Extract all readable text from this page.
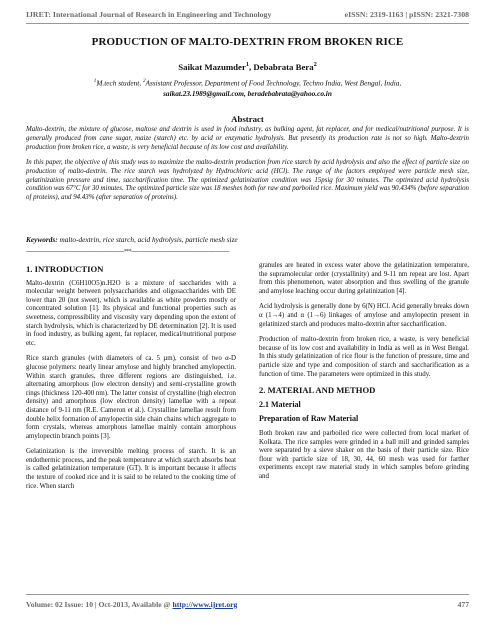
IJRET: International Journal of Research in Engineering and Technology	eISSN: 2319-1163 | pISSN: 2321-7308
PRODUCTION OF MALTO-DEXTRIN FROM BROKEN RICE
Saikat Mazumder$^1$, Debabrata Bera$^2$
$^1$M.tech student, $^2$Assistant Professor, Department of Food Technology, Techno India, West Bengal, India,
saikat.23.1989@gmail.com, beradebabrata@yahoo.co.in
Abstract

Malto-dextrin, the mixture of glucose, maltose and dextrin is used in food industry, as bulking agent, fat replacer, and for medical/nutritional purpose. It is generally produced from cane sugar, maize (starch) etc. by acid or enzymatic hydrolysis. But presently its production rate is not so high. Malto-dextrin production from broken rice, a waste, is very beneficial because of its low cost and availability.

In this paper, the objective of this study was to maximize the malto-dextrin production from rice starch by acid hydrolysis and also the effect of particle size on production of malto-dextrin. The rice starch was hydrolyzed by Hydrochloric acid (HCl). The range of the factors employed were particle mesh size, gelatinization pressure and time, saccharification time. The optimized gelatinization condition was 15psig for 30 minutes. The optimized acid hydrolysis condition was 67°C for 30 minutes. The optimized particle size was 18 meshes both for raw and parboiled rice. Maximum yield was 90.434% (before separation of proteins), and 94.43% (after separation of proteins).

Keywords: malto-dextrin, rice starch, acid hydrolysis, particle mesh size
----------------------------------------------------------------------***----------------------------------------------------------------------
1. INTRODUCTION

Malto-dextrin (C6H10O5)n.H2O is a mixture of saccharides with a molecular weight between polysaccharides and oligosaccharides with DE lower than 20 (not sweet), which is available as white powders mostly or concentrated solution [1]. Its physical and functional properties such as sweetness, compressibility and viscosity vary depending upon the extent of starch hydrolysis, which is characterized by DE determination [2]. It is used in food industry, as bulking agent, fat replacer, medical/nutritional purpose etc.

Rice starch granules (with diameters of ca. 5 µm), consist of two α-D glucose polymers: nearly linear amylose and highly branched amylopectin. Within starch granules, three different regions are distinguished, i.e. alternating amorphous (low electron density) and semi-crystalline growth rings (thickness 120-400 nm). The latter consist of crystalline (high electron density) and amorphous (low electron density) lamellae with a repeat distance of 9-11 nm (R.E. Cameron et al.). Crystalline lamellae result from double helix formation of amylopectin side chain chains which aggregate to form crystals, whereas amorphous lamellae mainly contain amorphous amylopectin branch points [3].

Gelatinization is the irreversible melting process of starch. It is an endothermic process, and the peak temperature at which starch absorbs heat is called gelatinization temperature (GT). It is important because it affects the texture of cooked rice and it is said to be related to the cooking time of rice. When starch

granules are heated in excess water above the gelatinization temperature, the supramolecular order (crystallinity) and 9-11 nm repeat are lost. Apart from this phenomenon, water absorption and thus swelling of the granule and amylose leaching occur during gelatinization [4].

Acid hydrolysis is generally done by 6(N) HCl. Acid generally breaks down α (1→4) and α (1→6) linkages of amylose and amylopectin present in gelatinized starch and produces malto-dextrin after saccharification.

Production of malto-dextrin from broken rice, a waste, is very beneficial because of its low cost and availability in India as well as in West Bengal. In this study gelatinization of rice flour is the function of pressure, time and particle size and type and composition of starch and saccharification as a function of time. The parameters were optimized in this study.

2. MATERIAL AND METHOD
2.1 Material
Preparation of Raw Material

Both broken raw and parboiled rice were collected from local market of Kolkata. The rice samples were grinded in a ball mill and grinded samples were separated by a sieve shaker on the basis of their particle size. Rice flour with particle size of 18, 30, 44, 60 mesh was used for farther experiments except raw material study in which samples before grinding and

Volume: 02 Issue: 10 | Oct-2013, Available @ http://www.ijret.org	477
